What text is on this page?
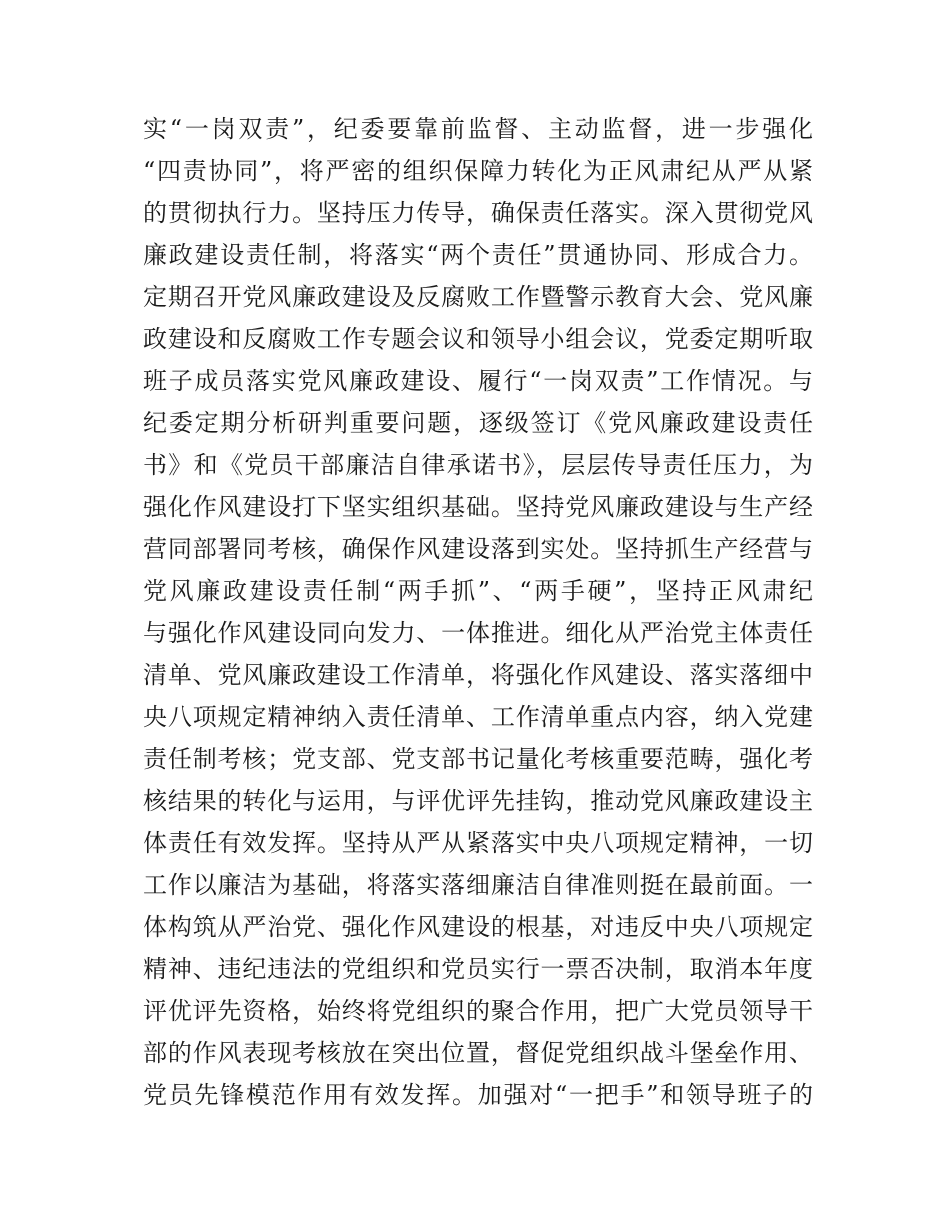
实“一岗双责”，纪委要靠前监督、主动监督，进一步强化
“四责协同”，将严密的组织保障力转化为正风肃纪从严从紧
的贯彻执行力。坚持压力传导，确保责任落实。深入贯彻党风
廉政建设责任制，将落实“两个责任”贯通协同、形成合力。
定期召开党风廉政建设及反腐败工作暨警示教育大会、党风廉
政建设和反腐败工作专题会议和领导小组会议，党委定期听取
班子成员落实党风廉政建设、履行“一岗双责”工作情况。与
纪委定期分析研判重要问题，逐级签订《党风廉政建设责任
书》和《党员干部廉洁自律承诺书》，层层传导责任压力，为
强化作风建设打下坚实组织基础。坚持党风廉政建设与生产经
营同部署同考核，确保作风建设落到实处。坚持抓生产经营与
党风廉政建设责任制“两手抓”、“两手硬”，坚持正风肃纪
与强化作风建设同向发力、一体推进。细化从严治党主体责任
清单、党风廉政建设工作清单，将强化作风建设、落实落细中
央八项规定精神纳入责任清单、工作清单重点内容，纳入党建
责任制考核；党支部、党支部书记量化考核重要范畴，强化考
核结果的转化与运用，与评优评先挂钩，推动党风廉政建设主
体责任有效发挥。坚持从严从紧落实中央八项规定精神，一切
工作以廉洁为基础，将落实落细廉洁自律准则挺在最前面。一
体构筑从严治党、强化作风建设的根基，对违反中央八项规定
精神、违纪违法的党组织和党员实行一票否决制，取消本年度
评优评先资格，始终将党组织的聚合作用，把广大党员领导干
部的作风表现考核放在突出位置，督促党组织战斗堡垒作用、
党员先锋模范作用有效发挥。加强对“一把手”和领导班子的
